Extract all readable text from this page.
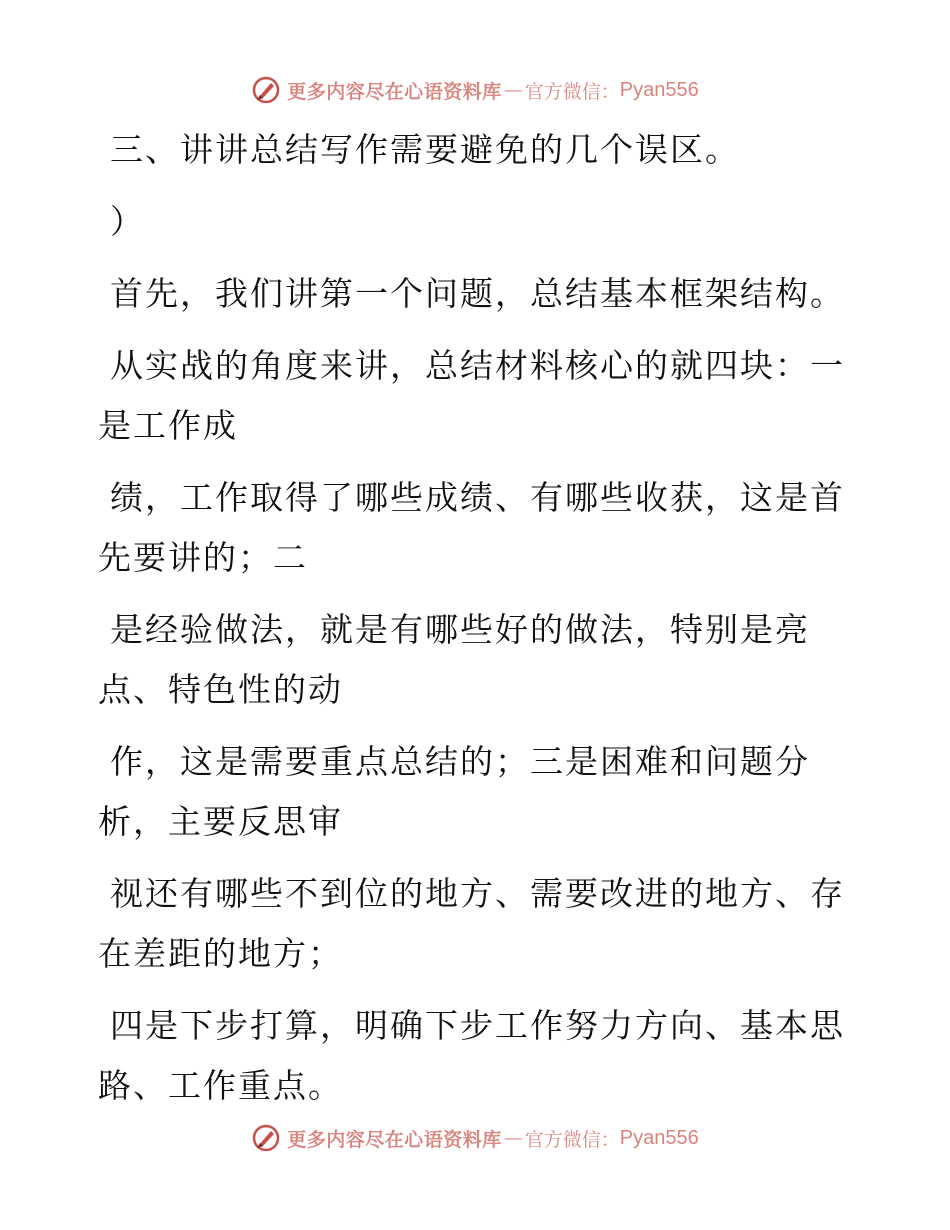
更多内容尽在心语资料库 — 官方微信： Pyan556
三、讲讲总结写作需要避免的几个误区。
）
首先，我们讲第一个问题，总结基本框架结构。
从实战的角度来讲，总结材料核心的就四块：一
是工作成
绩，工作取得了哪些成绩、有哪些收获，这是首
先要讲的；二
是经验做法，就是有哪些好的做法，特别是亮
点、特色性的动
作，这是需要重点总结的；三是困难和问题分
析，主要反思审
视还有哪些不到位的地方、需要改进的地方、存
在差距的地方；
四是下步打算，明确下步工作努力方向、基本思
路、工作重点。
更多内容尽在心语资料库 — 官方微信： Pyan556
